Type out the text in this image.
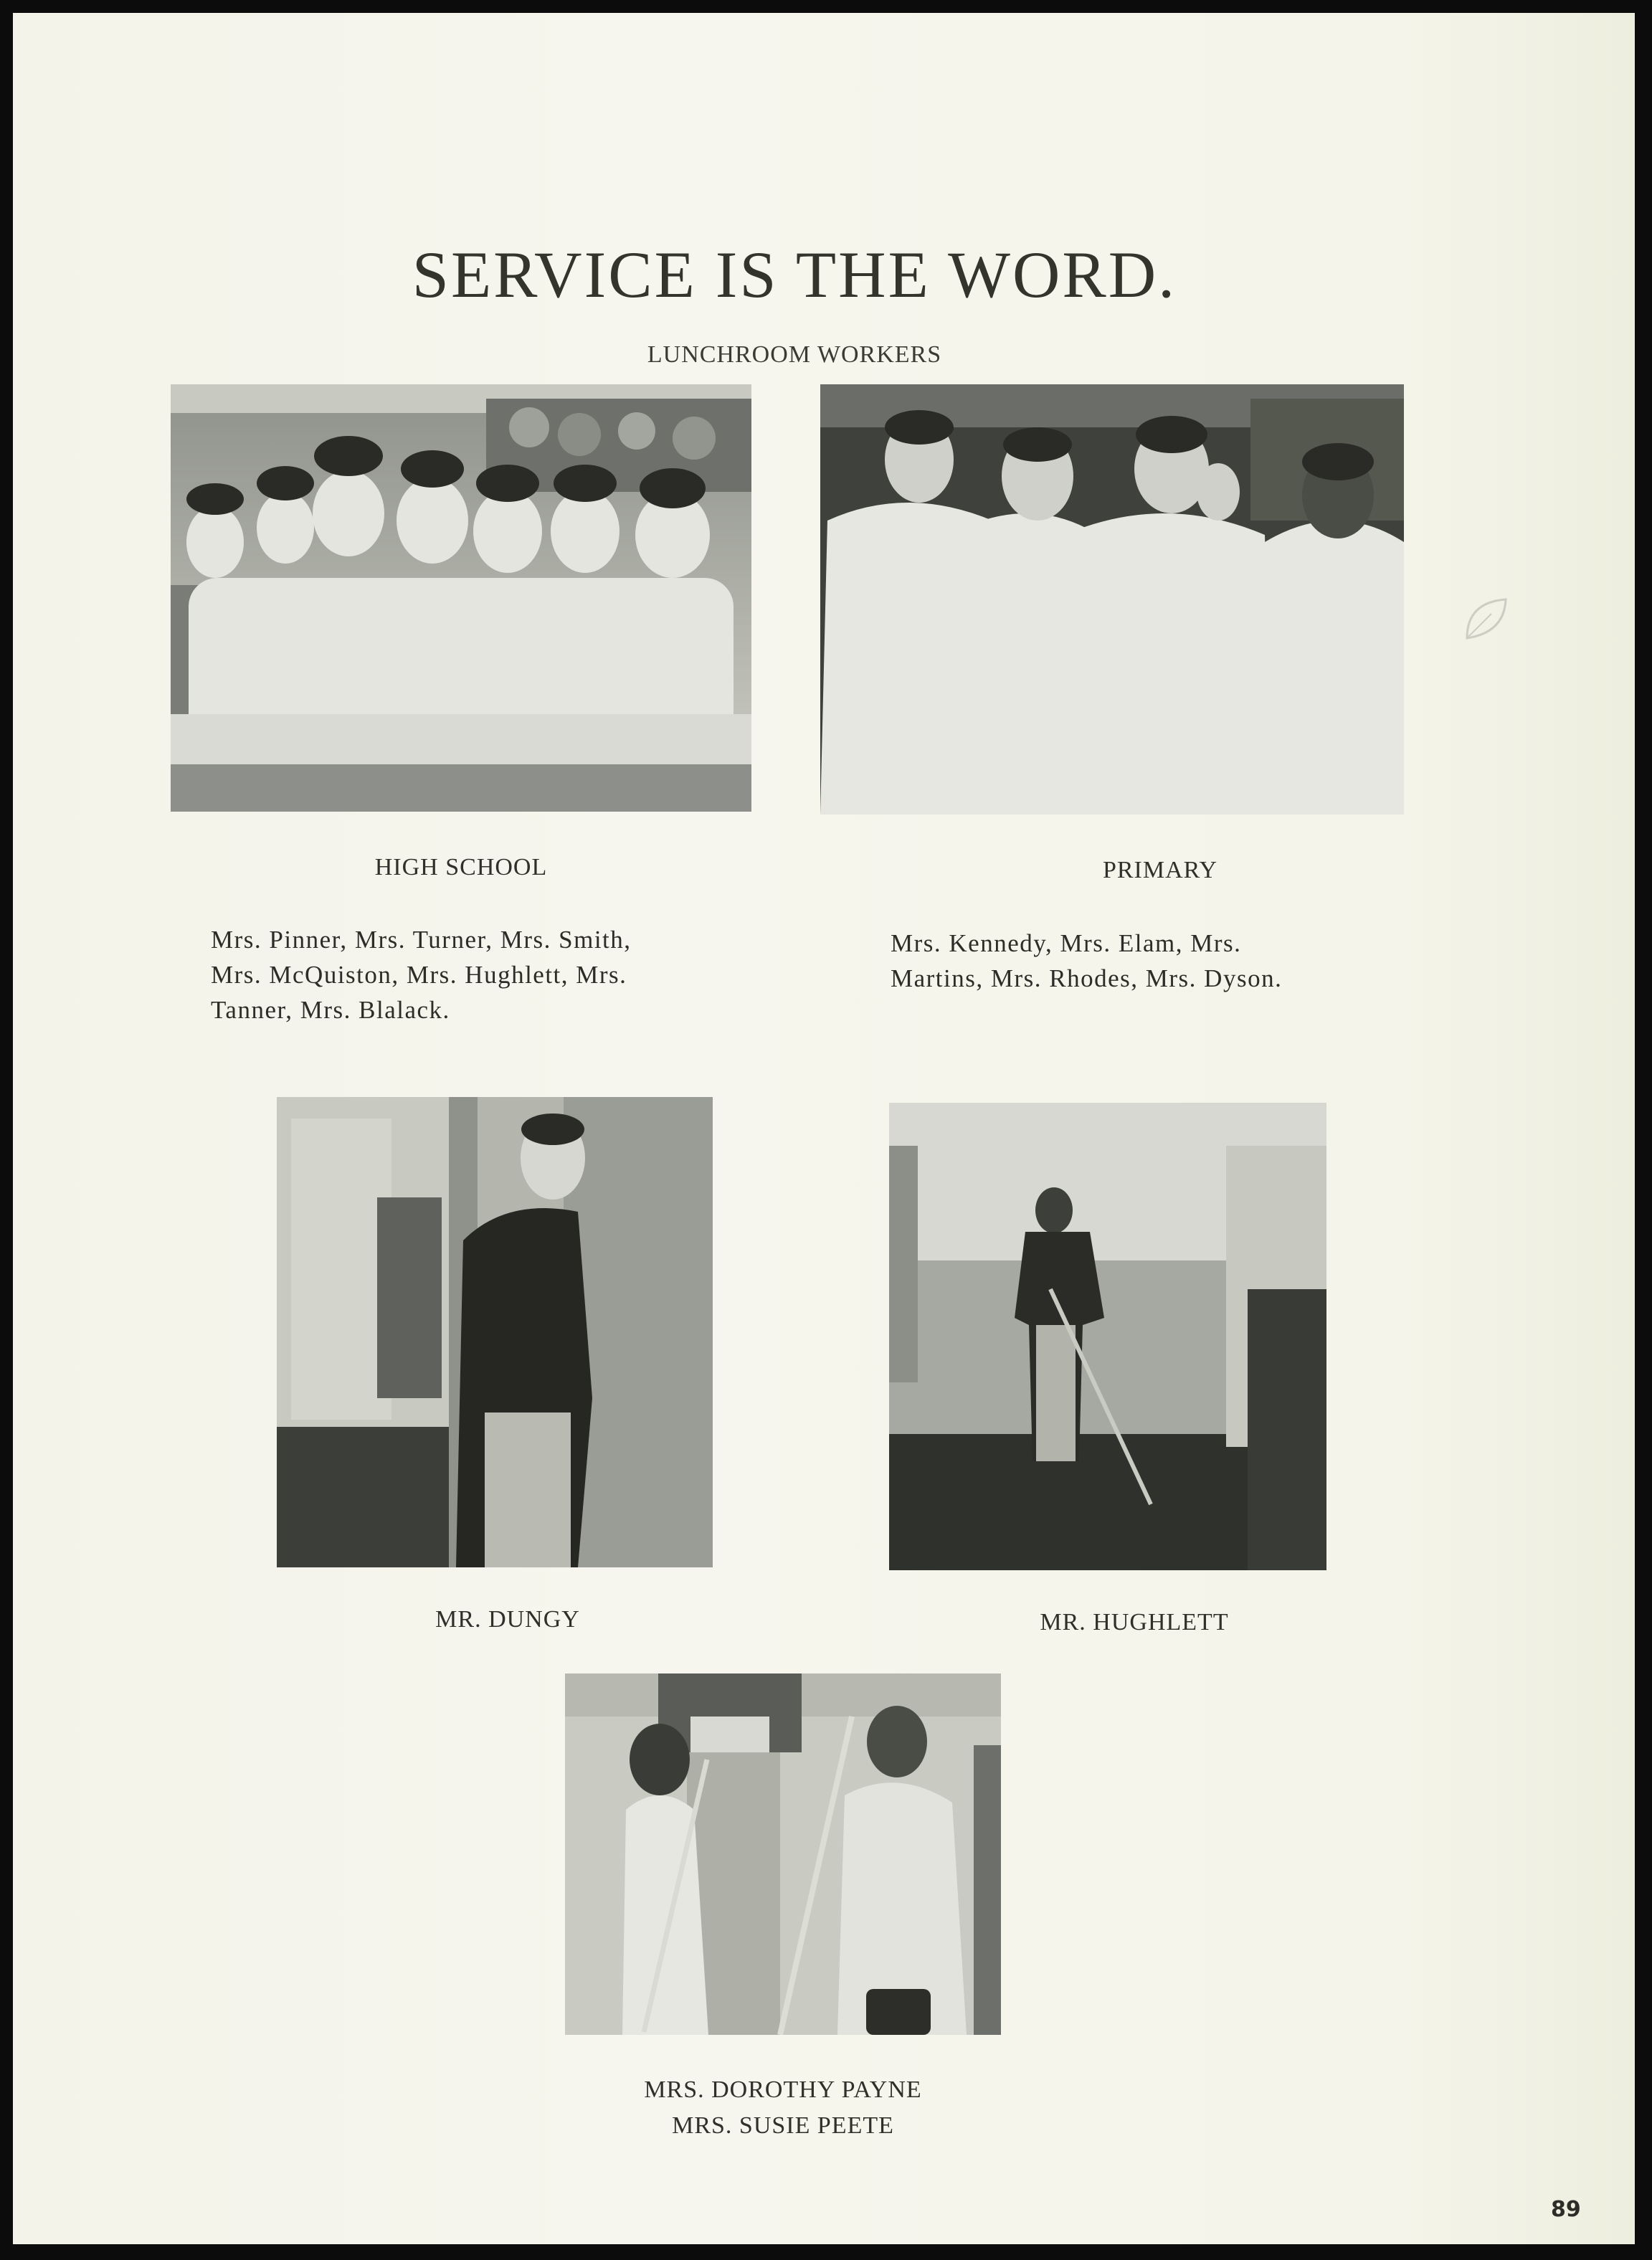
SERVICE IS THE WORD.
LUNCHROOM WORKERS
HIGH SCHOOL	PRIMARY
Mrs. Pinner, Mrs. Turner, Mrs. Smith,
Mrs. McQuiston, Mrs. Hughlett, Mrs.
Tanner, Mrs. Blalack.
Mrs. Kennedy, Mrs. Elam, Mrs.
Martins, Mrs. Rhodes, Mrs. Dyson.
MR. DUNGY	MR. HUGHLETT
MRS. DOROTHY PAYNE
MRS. SUSIE PEETE
89
